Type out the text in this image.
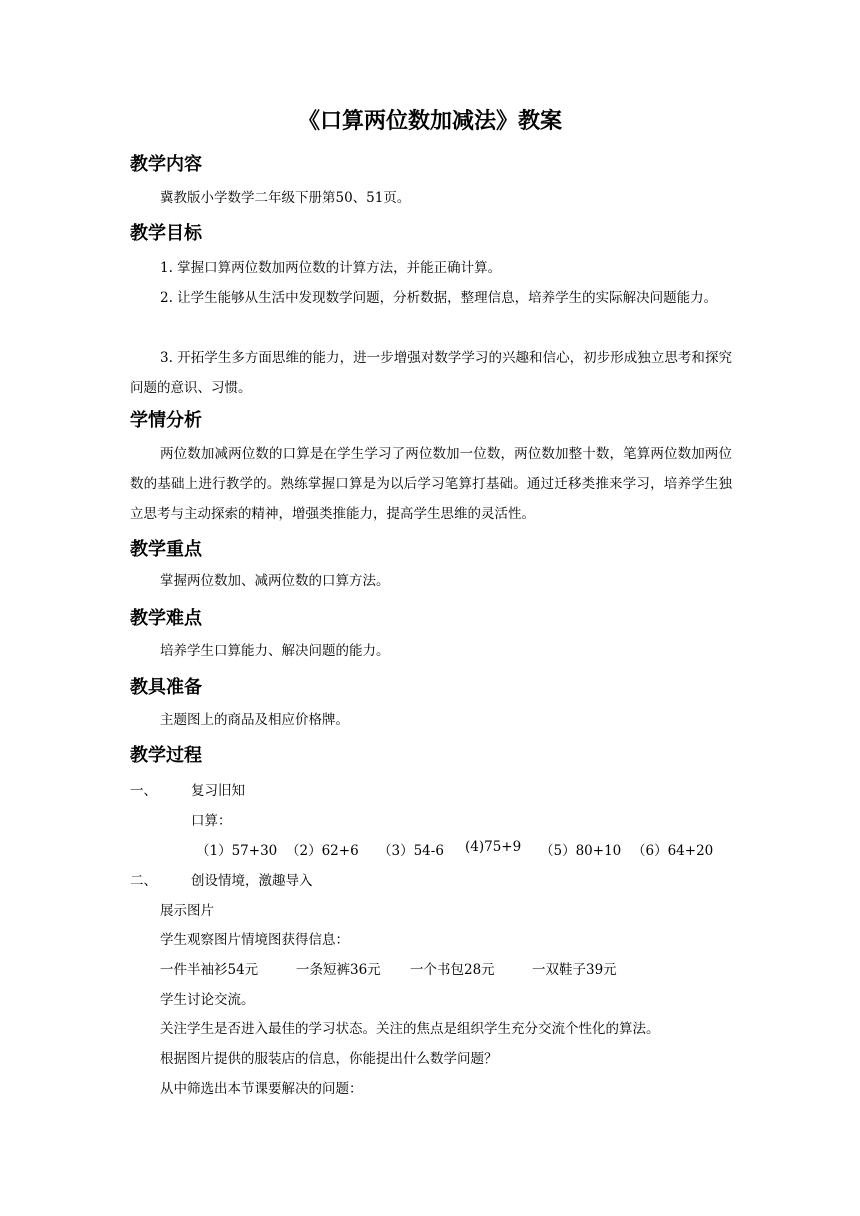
《口算两位数加减法》教案
教学内容
冀教版小学数学二年级下册第50、51页。
教学目标
1. 掌握口算两位数加两位数的计算方法，并能正确计算。
2. 让学生能够从生活中发现数学问题，分析数据，整理信息，培养学生的实际解决问题能力。
3. 开拓学生多方面思维的能力，进一步增强对数学学习的兴趣和信心，初步形成独立思考和探究问题的意识、习惯。
学情分析
两位数加减两位数的口算是在学生学习了两位数加一位数，两位数加整十数，笔算两位数加两位数的基础上进行教学的。熟练掌握口算是为以后学习笔算打基础。通过迁移类推来学习，培养学生独立思考与主动探索的精神，增强类推能力，提高学生思维的灵活性。
教学重点
掌握两位数加、减两位数的口算方法。
教学难点
培养学生口算能力、解决问题的能力。
教具准备
主题图上的商品及相应价格牌。
教学过程
一、	复习旧知
口算：
（1）57+30 （2）62+6 （3）54-6 (4)75+9 （5）80+10 （6）64+20
二、	创设情境，激趣导入
展示图片
学生观察图片情境图获得信息：
一件半袖衫54元	一条短裤36元 一个书包28元	一双鞋子39元
学生讨论交流。
关注学生是否进入最佳的学习状态。关注的焦点是组织学生充分交流个性化的算法。
根据图片提供的服装店的信息，你能提出什么数学问题？
从中筛选出本节课要解决的问题：
